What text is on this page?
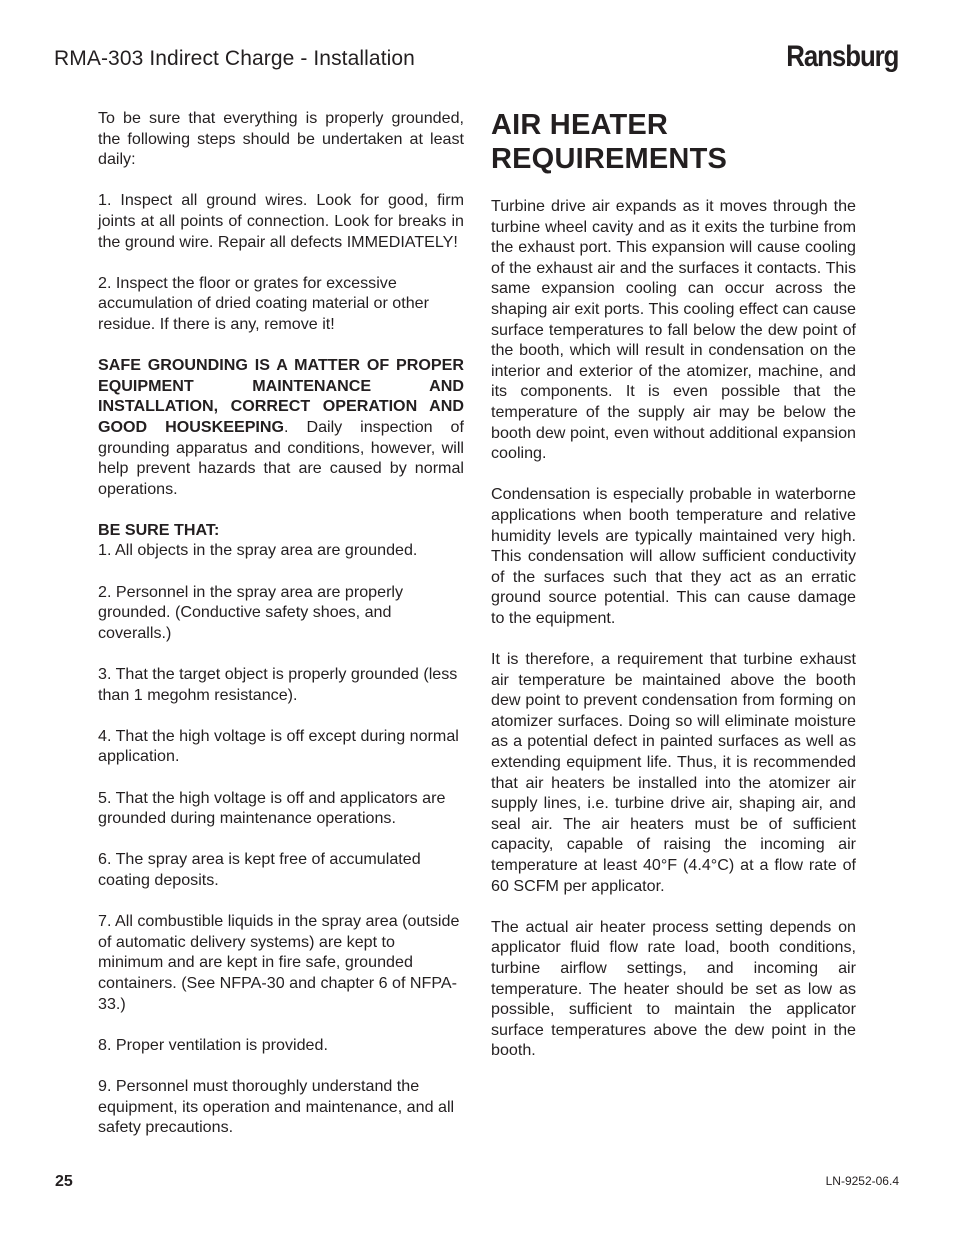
RMA-303 Indirect Charge - Installation	Ransburg

To be sure that everything is properly grounded, the following steps should be undertaken at least daily:

1. Inspect all ground wires. Look for good, firm joints at all points of connection. Look for breaks in the ground wire. Repair all defects IMMEDIATELY!

2. Inspect the floor or grates for excessive accumulation of dried coating material or other residue. If there is any, remove it!

SAFE GROUNDING IS A MATTER OF PROPER EQUIPMENT MAINTENANCE AND INSTALLATION, CORRECT OPERATION AND GOOD HOUSKEEPING. Daily inspection of grounding apparatus and conditions, however, will help prevent hazards that are caused by normal operations.

BE SURE THAT:

1. All objects in the spray area are grounded.

2. Personnel in the spray area are properly grounded. (Conductive safety shoes, and coveralls.)

3. That the target object is properly grounded (less than 1 megohm resistance).

4. That the high voltage is off except during normal application.

5. That the high voltage is off and applicators are grounded during maintenance operations.

6. The spray area is kept free of accumulated coating deposits.

7. All combustible liquids in the spray area (outside of automatic delivery systems) are kept to minimum and are kept in fire safe, grounded containers. (See NFPA-30 and chapter 6 of NFPA-33.)

8. Proper ventilation is provided.

9. Personnel must thoroughly understand the equipment, its operation and maintenance, and all safety precautions.

AIR HEATER REQUIREMENTS

Turbine drive air expands as it moves through the turbine wheel cavity and as it exits the turbine from the exhaust port. This expansion will cause cooling of the exhaust air and the surfaces it contacts. This same expansion cooling can occur across the shaping air exit ports. This cooling effect can cause surface temperatures to fall below the dew point of the booth, which will result in condensation on the interior and exterior of the atomizer, machine, and its components. It is even possible that the temperature of the supply air may be below the booth dew point, even without additional expansion cooling.

Condensation is especially probable in waterborne applications when booth temperature and relative humidity levels are typically maintained very high. This condensation will allow sufficient conductivity of the surfaces such that they act as an erratic ground source potential. This can cause damage to the equipment.

It is therefore, a requirement that turbine exhaust air temperature be maintained above the booth dew point to prevent condensation from forming on atomizer surfaces. Doing so will eliminate moisture as a potential defect in painted surfaces as well as extending equipment life. Thus, it is recommended that air heaters be installed into the atomizer air supply lines, i.e. turbine drive air, shaping air, and seal air. The air heaters must be of sufficient capacity, capable of raising the incoming air temperature at least 40°F (4.4°C) at a flow rate of 60 SCFM per applicator.

The actual air heater process setting depends on applicator fluid flow rate load, booth conditions, turbine airflow settings, and incoming air temperature. The heater should be set as low as possible, sufficient to maintain the applicator surface temperatures above the dew point in the booth.

25	LN-9252-06.4
